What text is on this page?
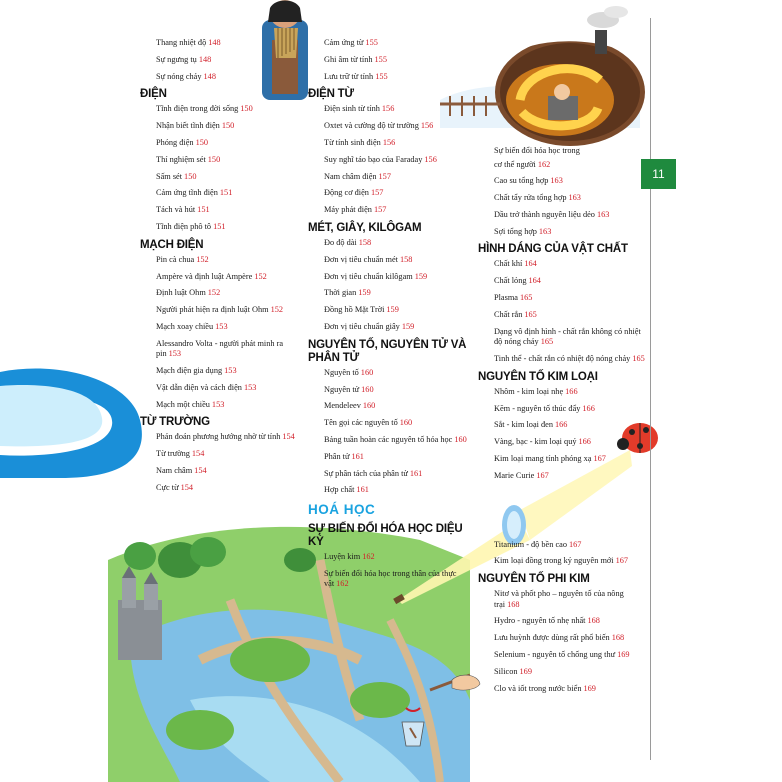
11
Thang nhiệt độ 148
Sự ngưng tụ 148
Sự nóng chảy 148
ĐIỆN
Tĩnh điện trong đời sống 150
Nhận biết tĩnh điện 150
Phóng điện 150
Thí nghiệm sét 150
Sấm sét 150
Cảm ứng tĩnh điện 151
Tách và hút 151
Tĩnh điện phô tô 151
MẠCH ĐIỆN
Pin cà chua 152
Ampère và định luật Ampère 152
Định luật Ohm 152
Người phát hiện ra định luật Ohm 152
Mạch xoay chiều 153
Alessandro Volta - người phát minh ra pin 153
Mạch điện gia dụng 153
Vật dẫn điện và cách điện 153
Mạch một chiều 153
TỪ TRƯỜNG
Phán đoán phương hướng nhờ từ tính 154
Từ trường 154
Nam châm 154
Cực từ 154
Cảm ứng từ 155
Ghi âm từ tính 155
Lưu trữ từ tính 155
ĐIỆN TỪ
Điện sinh từ tính 156
Oxtet và cường độ từ trường 156
Từ tính sinh điện 156
Suy nghĩ táo bạo của Faraday 156
Nam châm điện 157
Động cơ điện 157
Máy phát điện 157
MÉT, GIÂY, KILÔGAM
Đo độ dài 158
Đơn vị tiêu chuẩn mét 158
Đơn vị tiêu chuẩn kilôgam 159
Thời gian 159
Đồng hồ Mặt Trời 159
Đơn vị tiêu chuẩn giây 159
NGUYÊN TỐ, NGUYÊN TỬ VÀ PHÂN TỬ
Nguyên tố 160
Nguyên tử 160
Mendeleev 160
Tên gọi các nguyên tố 160
Bảng tuần hoàn các nguyên tố hóa học 160
Phân tử 161
Sự phân tách của phân tử 161
Hợp chất 161
HOÁ HỌC
SỰ BIẾN ĐỔI HÓA HỌC DIỆU KỲ
Luyện kim 162
Sự biến đổi hóa học trong thân của thực vật 162
Sự biến đổi hóa học trong
cơ thể người 162
Cao su tổng hợp 163
Chất tẩy rửa tổng hợp 163
Dầu trở thành nguyên liệu dẻo 163
Sợi tổng hợp 163
HÌNH DÁNG CỦA VẬT CHẤT
Chất khí 164
Chất lỏng 164
Plasma 165
Chất rắn 165
Dạng vô định hình - chất rắn không có nhiệt độ nóng chảy 165
Tinh thể - chất rắn có nhiệt độ nóng chảy 165
NGUYÊN TỐ KIM LOẠI
Nhôm - kim loại nhẹ 166
Kẽm - nguyên tố thúc đẩy 166
Sắt - kim loại đen 166
Vàng, bạc - kim loại quý 166
Kim loại mang tính phóng xạ 167
Marie Curie 167
Titanium - độ bền cao 167
Kim loại đồng trong kỷ nguyên mới 167
NGUYÊN TỐ PHI KIM
Nitơ và phốt pho – nguyên tố của nông trại 168
Hydro - nguyên tố nhẹ nhất 168
Lưu huỳnh được dùng rất phổ biến 168
Selenium - nguyên tố chống ung thư 169
Silicon 169
Clo và iốt trong nước biển 169
